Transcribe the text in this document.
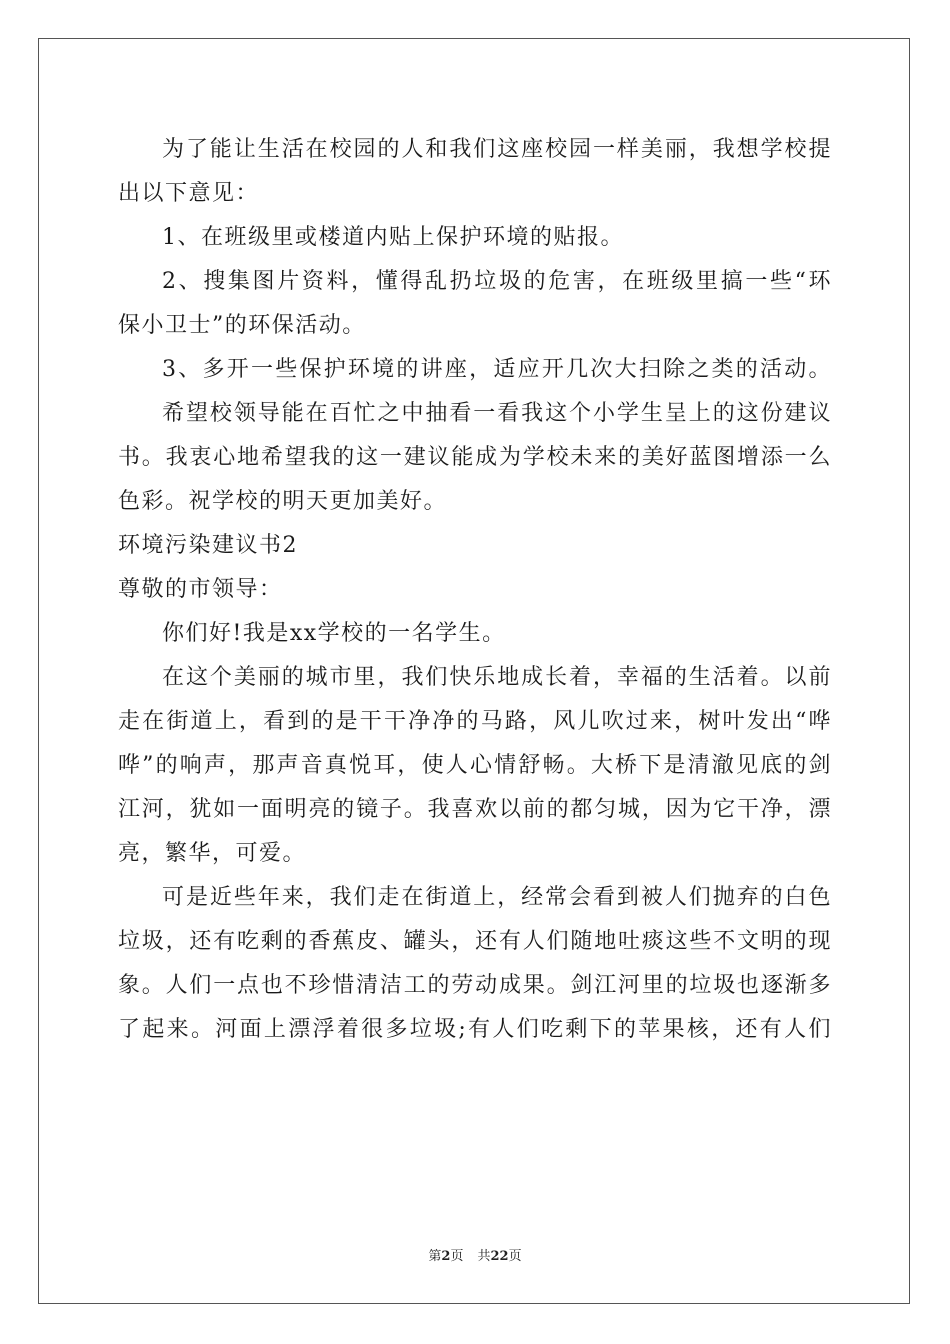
为了能让生活在校园的人和我们这座校园一样美丽，我想学校提
出以下意见：
1、在班级里或楼道内贴上保护环境的贴报。
2、搜集图片资料，懂得乱扔垃圾的危害，在班级里搞一些“环
保小卫士”的环保活动。
3、多开一些保护环境的讲座，适应开几次大扫除之类的活动。
希望校领导能在百忙之中抽看一看我这个小学生呈上的这份建议
书。我衷心地希望我的这一建议能成为学校未来的美好蓝图增添一么
色彩。祝学校的明天更加美好。
环境污染建议书2
尊敬的市领导：
你们好!我是xx学校的一名学生。
在这个美丽的城市里，我们快乐地成长着，幸福的生活着。以前
走在街道上，看到的是干干净净的马路，风儿吹过来，树叶发出“哗
哗”的响声，那声音真悦耳，使人心情舒畅。大桥下是清澈见底的剑
江河，犹如一面明亮的镜子。我喜欢以前的都匀城，因为它干净，漂
亮，繁华，可爱。
可是近些年来，我们走在街道上，经常会看到被人们抛弃的白色
垃圾，还有吃剩的香蕉皮、罐头，还有人们随地吐痰这些不文明的现
象。人们一点也不珍惜清洁工的劳动成果。剑江河里的垃圾也逐渐多
了起来。河面上漂浮着很多垃圾;有人们吃剩下的苹果核，还有人们
第2页 共22页
